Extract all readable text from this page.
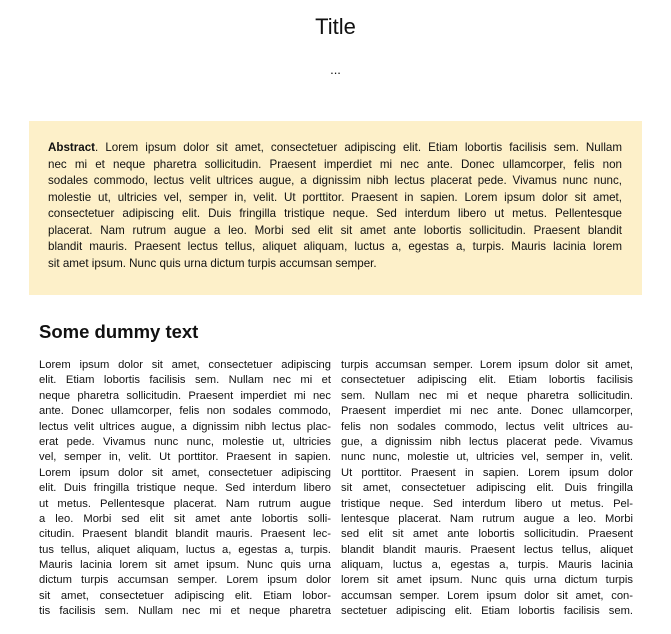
Title
...
Abstract. Lorem ipsum dolor sit amet, consectetuer adipiscing elit. Etiam lobortis facilisis sem. Nullam
nec mi et neque pharetra sollicitudin. Praesent imperdiet mi nec ante. Donec ullamcorper, felis non
sodales commodo, lectus velit ultrices augue, a dignissim nibh lectus placerat pede. Vivamus nunc nunc,
molestie ut, ultricies vel, semper in, velit. Ut porttitor. Praesent in sapien. Lorem ipsum dolor sit amet,
consectetuer adipiscing elit. Duis fringilla tristique neque. Sed interdum libero ut metus. Pellentesque
placerat. Nam rutrum augue a leo. Morbi sed elit sit amet ante lobortis sollicitudin. Praesent blandit
blandit mauris. Praesent lectus tellus, aliquet aliquam, luctus a, egestas a, turpis. Mauris lacinia lorem
sit amet ipsum. Nunc quis urna dictum turpis accumsan semper.
Some dummy text
Lorem ipsum dolor sit amet, consectetuer adipiscing
elit. Etiam lobortis facilisis sem. Nullam nec mi et
neque pharetra sollicitudin. Praesent imperdiet mi nec
ante. Donec ullamcorper, felis non sodales commodo,
lectus velit ultrices augue, a dignissim nibh lectus plac-
erat pede. Vivamus nunc nunc, molestie ut, ultricies
vel, semper in, velit. Ut porttitor. Praesent in sapien.
Lorem ipsum dolor sit amet, consectetuer adipiscing
elit. Duis fringilla tristique neque. Sed interdum libero
ut metus. Pellentesque placerat. Nam rutrum augue
a leo. Morbi sed elit sit amet ante lobortis solli-
citudin. Praesent blandit blandit mauris. Praesent lec-
tus tellus, aliquet aliquam, luctus a, egestas a, turpis.
Mauris lacinia lorem sit amet ipsum. Nunc quis urna
dictum turpis accumsan semper. Lorem ipsum dolor
sit amet, consectetuer adipiscing elit. Etiam lobor-
tis facilisis sem. Nullam nec mi et neque pharetra
turpis accumsan semper. Lorem ipsum dolor sit amet,
consectetuer adipiscing elit. Etiam lobortis facilisis
sem. Nullam nec mi et neque pharetra sollicitudin.
Praesent imperdiet mi nec ante. Donec ullamcorper,
felis non sodales commodo, lectus velit ultrices au-
gue, a dignissim nibh lectus placerat pede. Vivamus
nunc nunc, molestie ut, ultricies vel, semper in, velit.
Ut porttitor. Praesent in sapien. Lorem ipsum dolor
sit amet, consectetuer adipiscing elit. Duis fringilla
tristique neque. Sed interdum libero ut metus. Pel-
lentesque placerat. Nam rutrum augue a leo. Morbi
sed elit sit amet ante lobortis sollicitudin. Praesent
blandit blandit mauris. Praesent lectus tellus, aliquet
aliquam, luctus a, egestas a, turpis. Mauris lacinia
lorem sit amet ipsum. Nunc quis urna dictum turpis
accumsan semper. Lorem ipsum dolor sit amet, con-
sectetuer adipiscing elit. Etiam lobortis facilisis sem.
